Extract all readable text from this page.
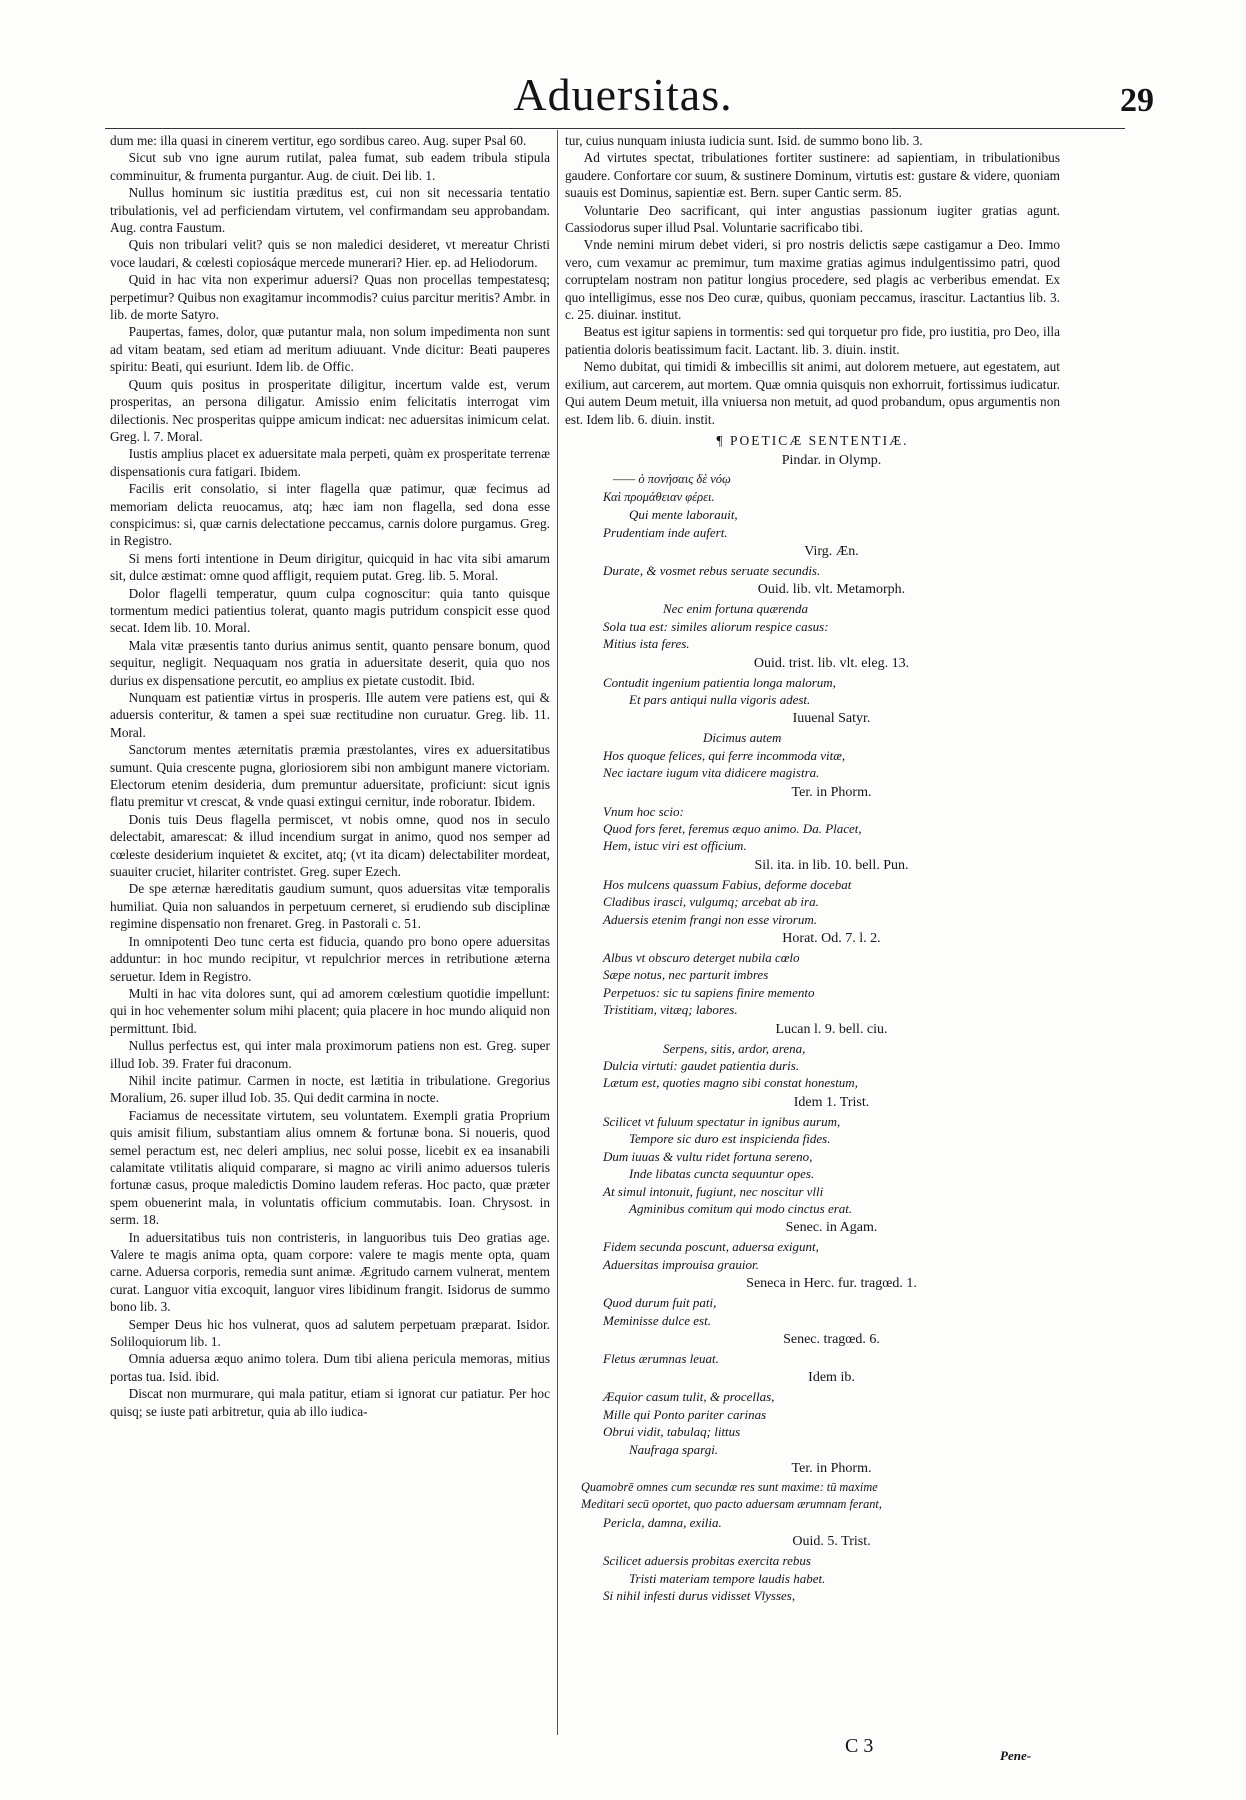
Aduersitas.	29

dum me: illa quasi in cinerem vertitur, ego sordibus careo. Aug. super Psal 60.

Sicut sub vno igne aurum rutilat, palea fumat, sub eadem tribula stipula comminuitur, & frumenta purgantur. Aug. de ciuit. Dei lib. 1.

Nullus hominum sic iustitia præditus est, cui non sit necessaria tentatio tribulationis, vel ad perficiendam virtutem, vel confirmandam seu approbandam. Aug. contra Faustum.

Quis non tribulari velit? quis se non maledici desideret, vt mereatur Christi voce laudari, & cœlesti copiosáque mercede munerari? Hier. ep. ad Heliodorum.

Quid in hac vita non experimur aduersi? Quas non procellas tempestatesq; perpetimur? Quibus non exagitamur incommodis? cuius parcitur meritis? Ambr. in lib. de morte Satyro.

Paupertas, fames, dolor, quæ putantur mala, non solum impedimenta non sunt ad vitam beatam, sed etiam ad meritum adiuuant. Vnde dicitur: Beati pauperes spiritu: Beati, qui esuriunt. Idem lib. de Offic.

Quum quis positus in prosperitate diligitur, incertum valde est, verum prosperitas, an persona diligatur. Amissio enim felicitatis interrogat vim dilectionis. Nec prosperitas quippe amicum indicat: nec aduersitas inimicum celat. Greg. l. 7. Moral.

Iustis amplius placet ex aduersitate mala perpeti, quàm ex prosperitate terrenæ dispensationis cura fatigari. Ibidem.

Facilis erit consolatio, si inter flagella quæ patimur, quæ fecimus ad memoriam delicta reuocamus, atq; hæc iam non flagella, sed dona esse conspicimus: si, quæ carnis delectatione peccamus, carnis dolore purgamus. Greg. in Registro.

Si mens forti intentione in Deum dirigitur, quicquid in hac vita sibi amarum sit, dulce æstimat: omne quod affligit, requiem putat. Greg. lib. 5. Moral.

Dolor flagelli temperatur, quum culpa cognoscitur: quia tanto quisque tormentum medici patientius tolerat, quanto magis putridum conspicit esse quod secat. Idem lib. 10. Moral.

Mala vitæ præsentis tanto durius animus sentit, quanto pensare bonum, quod sequitur, negligit. Nequaquam nos gratia in aduersitate deserit, quia quo nos durius ex dispensatione percutit, eo amplius ex pietate custodit. Ibid.

Nunquam est patientiæ virtus in prosperis. Ille autem vere patiens est, qui & aduersis conteritur, & tamen a spei suæ rectitudine non curuatur. Greg. lib. 11. Moral.

Sanctorum mentes æternitatis præmia præstolantes, vires ex aduersitatibus sumunt. Quia crescente pugna, gloriosiorem sibi non ambigunt manere victoriam. Electorum etenim desideria, dum premuntur aduersitate, proficiunt: sicut ignis flatu premitur vt crescat, & vnde quasi extingui cernitur, inde roboratur. Ibidem.

Donis tuis Deus flagella permiscet, vt nobis omne, quod nos in seculo delectabit, amarescat: & illud incendium surgat in animo, quod nos semper ad cœleste desiderium inquietet & excitet, atq; (vt ita dicam) delectabiliter mordeat, suauiter cruciet, hilariter contristet. Greg. super Ezech.

De spe æternæ hæreditatis gaudium sumunt, quos aduersitas vitæ temporalis humiliat. Quia non saluandos in perpetuum cerneret, si erudiendo sub disciplinæ regimine dispensatio non frenaret. Greg. in Pastorali c. 51.

In omnipotenti Deo tunc certa est fiducia, quando pro bono opere aduersitas adduntur: in hoc mundo recipitur, vt repulchrior merces in retributione æterna seruetur. Idem in Registro.

Multi in hac vita dolores sunt, qui ad amorem cœlestium quotidie impellunt: qui in hoc vehementer solum mihi placent; quia placere in hoc mundo aliquid non permittunt. Ibid.

Nullus perfectus est, qui inter mala proximorum patiens non est. Greg. super illud Iob. 39. Frater fui draconum.

Nihil incite patimur. Carmen in nocte, est lætitia in tribulatione. Gregorius Moralium, 26. super illud Iob. 35. Qui dedit carmina in nocte.

Faciamus de necessitate virtutem, seu voluntatem. Exempli gratia Proprium quis amisit filium, substantiam alius omnem & fortunæ bona. Si noueris, quod semel peractum est, nec deleri amplius, nec solui posse, licebit ex ea insanabili calamitate vtilitatis aliquid comparare, si magno ac virili animo aduersos tuleris fortunæ casus, proque maledictis Domino laudem referas. Hoc pacto, quæ præter spem obuenerint mala, in voluntatis officium commutabis. Ioan. Chrysost. in serm. 18.

In aduersitatibus tuis non contristeris, in languoribus tuis Deo gratias age. Valere te magis anima opta, quam corpore: valere te magis mente opta, quam carne. Aduersa corporis, remedia sunt animæ. Ægritudo carnem vulnerat, mentem curat. Languor vitia excoquit, languor vires libidinum frangit. Isidorus de summo bono lib. 3.

Semper Deus hic hos vulnerat, quos ad salutem perpetuam præparat. Isidor. Soliloquiorum lib. 1.

Omnia aduersa æquo animo tolera. Dum tibi aliena pericula memoras, mitius portas tua. Isid. ibid.

Discat non murmurare, qui mala patitur, etiam si ignorat cur patiatur. Per hoc quisq; se iuste pati arbitretur, quia ab illo iudica-

tur, cuius nunquam iniusta iudicia sunt. Isid. de summo bono lib. 3.

Ad virtutes spectat, tribulationes fortiter sustinere: ad sapientiam, in tribulationibus gaudere. Confortare cor suum, & sustinere Dominum, virtutis est: gustare & videre, quoniam suauis est Dominus, sapientiæ est. Bern. super Cantic serm. 85.

Voluntarie Deo sacrificant, qui inter angustias passionum iugiter gratias agunt. Cassiodorus super illud Psal. Voluntarie sacrificabo tibi.

Vnde nemini mirum debet videri, si pro nostris delictis sæpe castigamur a Deo. Immo vero, cum vexamur ac premimur, tum maxime gratias agimus indulgentissimo patri, quod corruptelam nostram non patitur longius procedere, sed plagis ac verberibus emendat. Ex quo intelligimus, esse nos Deo curæ, quibus, quoniam peccamus, irascitur. Lactantius lib. 3. c. 25. diuinar. institut.

Beatus est igitur sapiens in tormentis: sed qui torquetur pro fide, pro iustitia, pro Deo, illa patientia doloris beatissimum facit. Lactant. lib. 3. diuin. instit.

Nemo dubitat, qui timidi & imbecillis sit animi, aut dolorem metuere, aut egestatem, aut exilium, aut carcerem, aut mortem. Quæ omnia quisquis non exhorruit, fortissimus iudicatur. Qui autem Deum metuit, illa vniuersa non metuit, ad quod probandum, opus argumentis non est. Idem lib. 6. diuin. instit.

¶ POETICÆ SENTENTIÆ.
Pindar. in Olymp.
—— ὁ πονήσαις δὲ νόῳ
Καὶ προμάθειαν φέρει.
Qui mente laborauit,
Prudentiam inde aufert.
Virg. Æn.
Durate, & vosmet rebus seruate secundis.
Ouid. lib. vlt. Metamorph.
Nec enim fortuna quærenda
Sola tua est: similes aliorum respice casus:
Mitius ista feres.
Ouid. trist. lib. vlt. eleg. 13.
Contudit ingenium patientia longa malorum,
Et pars antiqui nulla vigoris adest.
Iuuenal Satyr.
Dicimus autem
Hos quoque felices, qui ferre incommoda vitæ,
Nec iactare iugum vita didicere magistra.
Ter. in Phorm.
Vnum hoc scio:
Quod fors feret, feremus æquo animo. Da. Placet,
Hem, istuc viri est officium.
Sil. ita. in lib. 10. bell. Pun.
Hos mulcens quassum Fabius, deforme docebat
Cladibus irasci, vulgumq; arcebat ab ira.
Aduersis etenim frangi non esse virorum.
Horat. Od. 7. l. 2.
Albus vt obscuro deterget nubila cœlo
Sæpe notus, nec parturit imbres
Perpetuos: sic tu sapiens finire memento
Tristitiam, vitæq; labores.
Lucan l. 9. bell. ciu.
Serpens, sitis, ardor, arena,
Dulcia virtuti: gaudet patientia duris.
Lætum est, quoties magno sibi constat honestum,
Idem 1. Trist.
Scilicet vt fuluum spectatur in ignibus aurum,
Tempore sic duro est inspicienda fides.
Dum iuuas & vultu ridet fortuna sereno,
Inde libatas cuncta sequuntur opes.
At simul intonuit, fugiunt, nec noscitur vlli
Agminibus comitum qui modo cinctus erat.
Senec. in Agam.
Fidem secunda poscunt, aduersa exigunt,
Aduersitas improuisa grauior.
Seneca in Herc. fur. tragœd. 1.
Quod durum fuit pati,
Meminisse dulce est.
Senec. tragœd. 6.
Fletus ærumnas leuat.
Idem ib.
Æquior casum tulit, & procellas,
Mille qui Ponto pariter carinas
Obrui vidit, tabulaq; littus
Naufraga spargi.
Ter. in Phorm.
Quamobrē omnes cum secundæ res sunt maxime: tū maxime
Meditari secū oportet, quo pacto aduersam ærumnam ferant,
Pericla, damna, exilia.
Ouid. 5. Trist.
Scilicet aduersis probitas exercita rebus
Tristi materiam tempore laudis habet.
Si nihil infesti durus vidisset Vlysses,
C 3	Pene-
